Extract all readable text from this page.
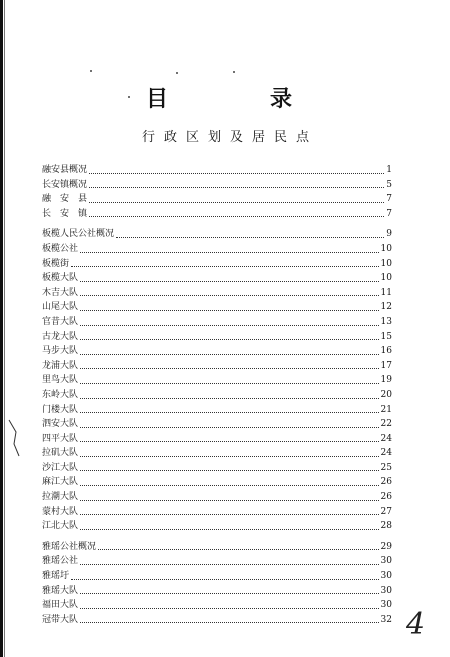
目	录
行政区划及居民点
融安县概况	1
长安镇概况	5
融　安　县	7
长　安　镇	7
板榄人民公社概况	9
板榄公社	10
板榄街	10
板榄大队	10
木吉大队	11
山尾大队	12
官昔大队	13
古龙大队	15
马步大队	16
龙浦大队	17
里鸟大队	19
东岭大队	20
门楼大队	21
泗安大队	22
四平大队	24
拉矶大队	24
沙江大队	25
麻江大队	26
拉潮大队	26
蒙村大队	27
江北大队	28
雅瑶公社概况	29
雅瑶公社	30
雅瑶圩	30
雅瑶大队	30
福田大队	30
冠带大队	32 4
